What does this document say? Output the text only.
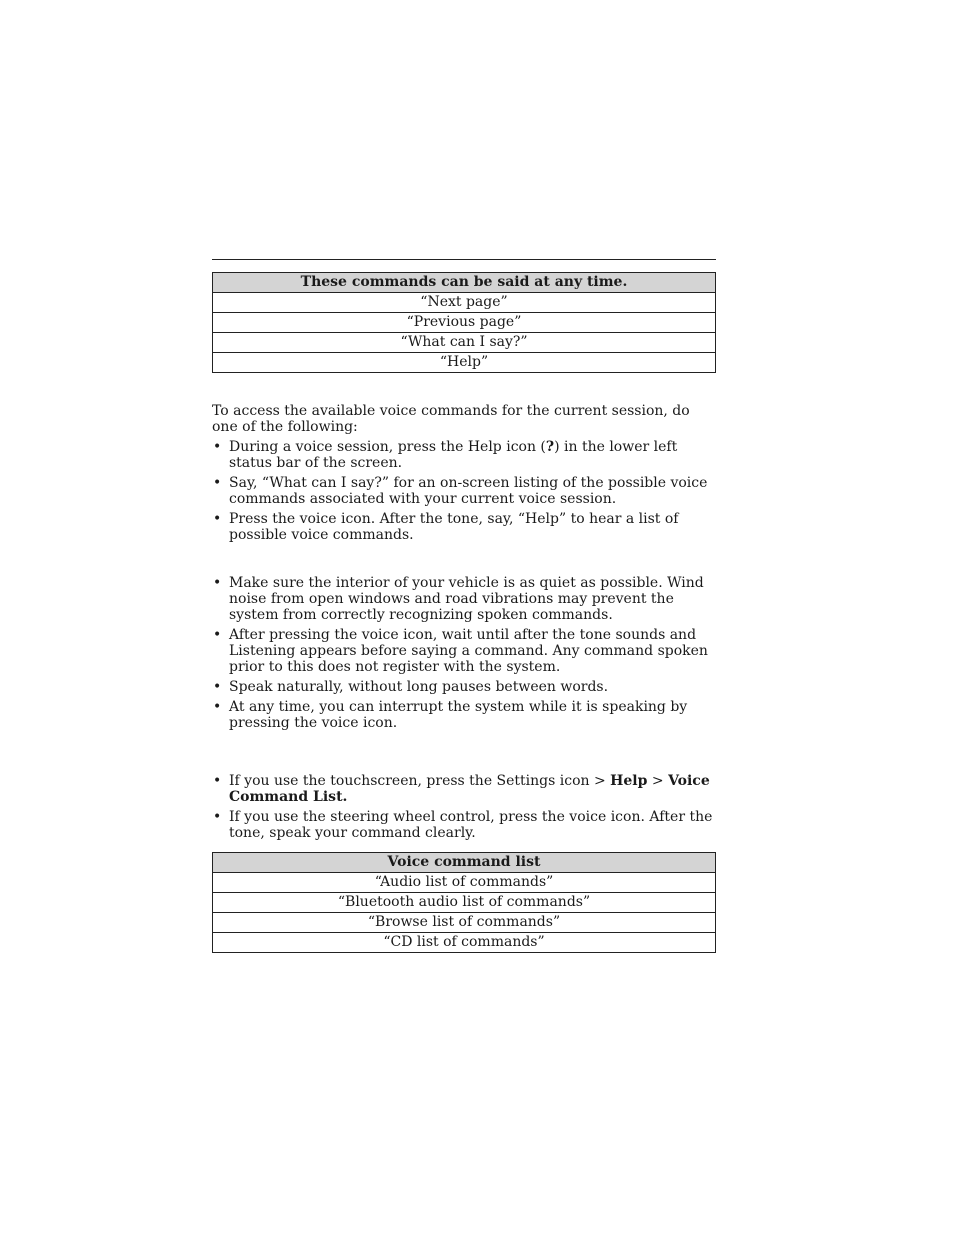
These commands can be said at any time.
“Next page”
“Previous page”
“What can I say?”
“Help”

To access the available voice commands for the current session, do one of the following:

• During a voice session, press the Help icon (?) in the lower left status bar of the screen.
• Say, “What can I say?” for an on-screen listing of the possible voice commands associated with your current voice session.
• Press the voice icon. After the tone, say, “Help” to hear a list of possible voice commands.
• Make sure the interior of your vehicle is as quiet as possible. Wind noise from open windows and road vibrations may prevent the system from correctly recognizing spoken commands.
• After pressing the voice icon, wait until after the tone sounds and Listening appears before saying a command. Any command spoken prior to this does not register with the system.
• Speak naturally, without long pauses between words.
• At any time, you can interrupt the system while it is speaking by pressing the voice icon.
• If you use the touchscreen, press the Settings icon > Help > Voice Command List.
• If you use the steering wheel control, press the voice icon. After the tone, speak your command clearly.
Voice command list
“Audio list of commands”
“Bluetooth audio list of commands”
“Browse list of commands”
“CD list of commands”
